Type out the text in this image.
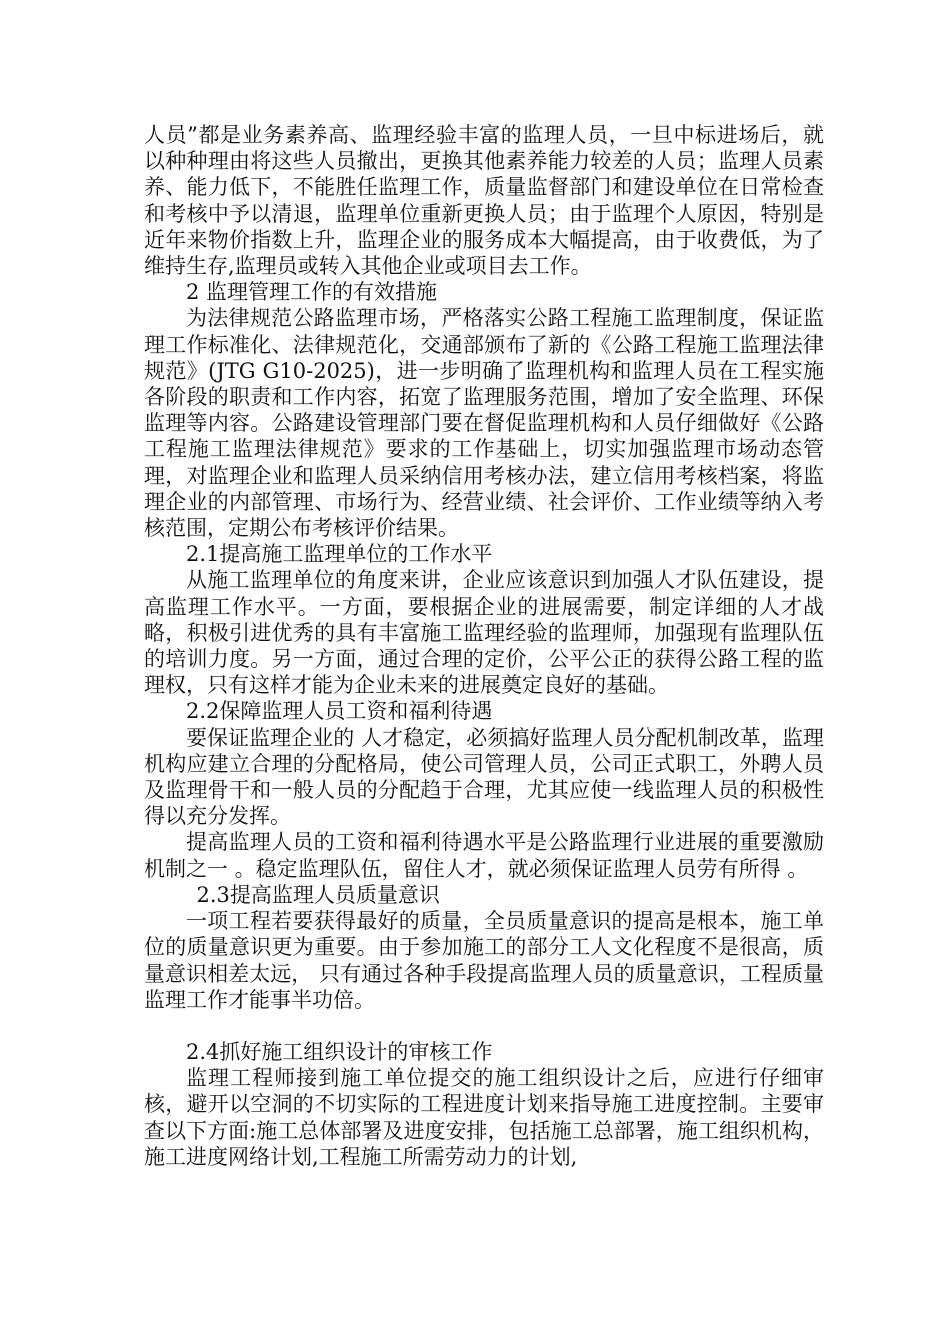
人员”都是业务素养高、监理经验丰富的监理人员，一旦中标进场后，就以种种理由将这些人员撤出，更换其他素养能力较差的人员；监理人员素养、能力低下，不能胜任监理工作，质量监督部门和建设单位在日常检查和考核中予以清退，监理单位重新更换人员；由于监理个人原因，特别是近年来物价指数上升，监理企业的服务成本大幅提高，由于收费低，为了维持生存,监理员或转入其他企业或项目去工作。

2 监理管理工作的有效措施

为法律规范公路监理市场，严格落实公路工程施工监理制度，保证监理工作标准化、法律规范化，交通部颁布了新的《公路工程施工监理法律规范》(JTG G10-2025)，进一步明确了监理机构和监理人员在工程实施各阶段的职责和工作内容，拓宽了监理服务范围，增加了安全监理、环保监理等内容。公路建设管理部门要在督促监理机构和人员仔细做好《公路工程施工监理法律规范》要求的工作基础上，切实加强监理市场动态管理，对监理企业和监理人员采纳信用考核办法，建立信用考核档案，将监理企业的内部管理、市场行为、经营业绩、社会评价、工作业绩等纳入考核范围，定期公布考核评价结果。

2.1提高施工监理单位的工作水平

从施工监理单位的角度来讲，企业应该意识到加强人才队伍建设，提高监理工作水平。一方面，要根据企业的进展需要，制定详细的人才战略，积极引进优秀的具有丰富施工监理经验的监理师，加强现有监理队伍的培训力度。另一方面，通过合理的定价，公平公正的获得公路工程的监理权，只有这样才能为企业未来的进展奠定良好的基础。

2.2保障监理人员工资和福利待遇

要保证监理企业的 人才稳定，必须搞好监理人员分配机制改革，监理机构应建立合理的分配格局，使公司管理人员，公司正式职工，外聘人员及监理骨干和一般人员的分配趋于合理，尤其应使一线监理人员的积极性得以充分发挥。

提高监理人员的工资和福利待遇水平是公路监理行业进展的重要激励机制之一 。稳定监理队伍，留住人才，就必须保证监理人员劳有所得 。

2.3提高监理人员质量意识

一项工程若要获得最好的质量，全员质量意识的提高是根本，施工单位的质量意识更为重要。由于参加施工的部分工人文化程度不是很高，质量意识相差太远， 只有通过各种手段提高监理人员的质量意识，工程质量监理工作才能事半功倍。

2.4抓好施工组织设计的审核工作

监理工程师接到施工单位提交的施工组织设计之后，应进行仔细审核，避开以空洞的不切实际的工程进度计划来指导施工进度控制。主要审查以下方面:施工总体部署及进度安排，包括施工总部署，施工组织机构，施工进度网络计划,工程施工所需劳动力的计划,
